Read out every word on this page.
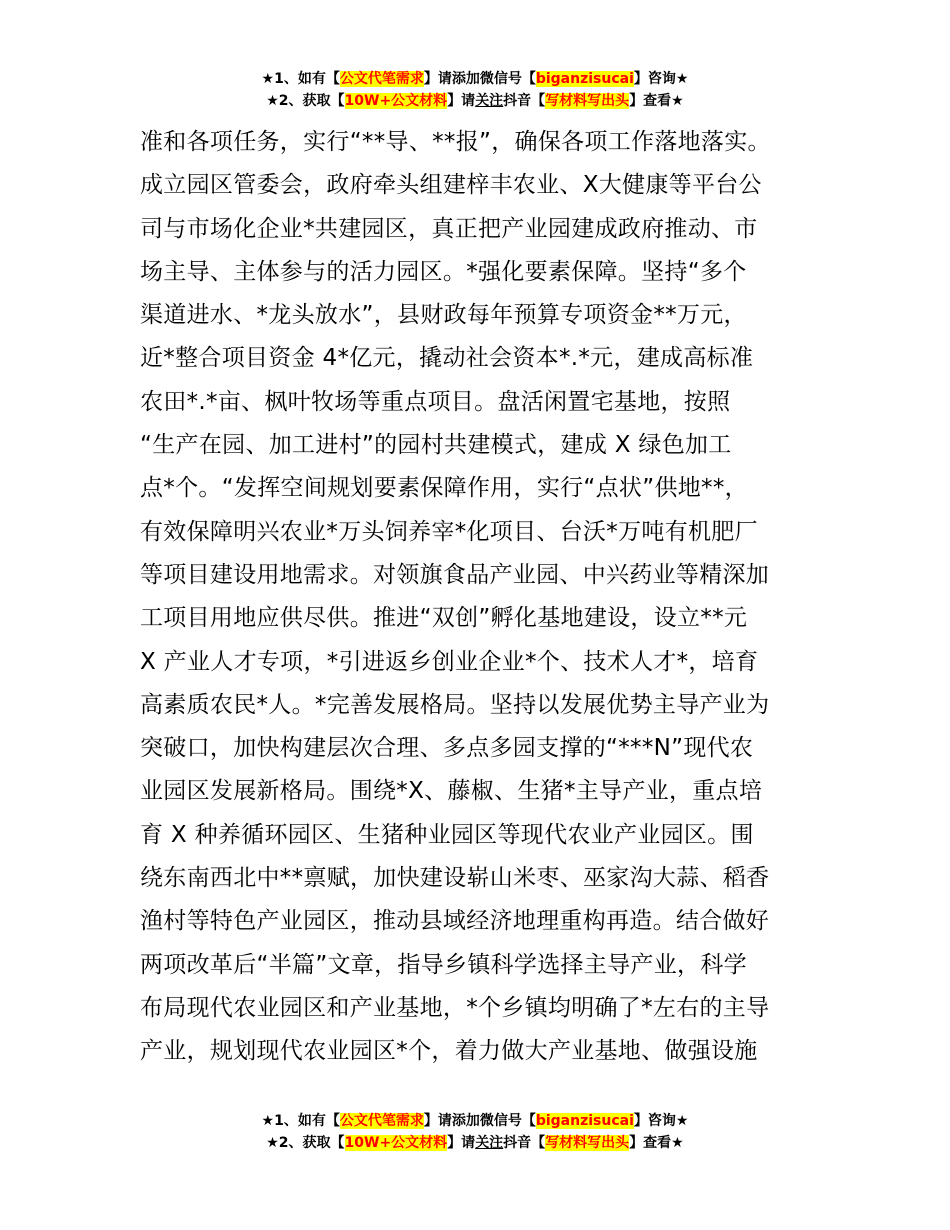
★1、如有【公文代笔需求】请添加微信号【biganzisucai】咨询★
★2、获取【10W+公文材料】请关注抖音【写材料写出头】查看★
准和各项任务，实行“**导、**报”，确保各项工作落地落实。
成立园区管委会，政府牵头组建梓丰农业、X大健康等平台公
司与市场化企业*共建园区，真正把产业园建成政府推动、市
场主导、主体参与的活力园区。*强化要素保障。坚持“多个
渠道进水、*龙头放水”，县财政每年预算专项资金**万元，
近*整合项目资金 4*亿元，撬动社会资本*.*元，建成高标准
农田*.*亩、枫叶牧场等重点项目。盘活闲置宅基地，按照
“生产在园、加工进村”的园村共建模式，建成 X 绿色加工
点*个。“发挥空间规划要素保障作用，实行“点状”供地**，
有效保障明兴农业*万头饲养宰*化项目、台沃*万吨有机肥厂
等项目建设用地需求。对领旗食品产业园、中兴药业等精深加
工项目用地应供尽供。推进“双创”孵化基地建设，设立**元
X 产业人才专项，*引进返乡创业企业*个、技术人才*，培育
高素质农民*人。*完善发展格局。坚持以发展优势主导产业为
突破口，加快构建层次合理、多点多园支撑的“***N”现代农
业园区发展新格局。围绕*X、藤椒、生猪*主导产业，重点培
育 X 种养循环园区、生猪种业园区等现代农业产业园区。围
绕东南西北中**禀赋，加快建设崭山米枣、巫家沟大蒜、稻香
渔村等特色产业园区，推动县域经济地理重构再造。结合做好
两项改革后“半篇”文章，指导乡镇科学选择主导产业，科学
布局现代农业园区和产业基地，*个乡镇均明确了*左右的主导
产业，规划现代农业园区*个，着力做大产业基地、做强设施
★1、如有【公文代笔需求】请添加微信号【biganzisucai】咨询★
★2、获取【10W+公文材料】请关注抖音【写材料写出头】查看★
